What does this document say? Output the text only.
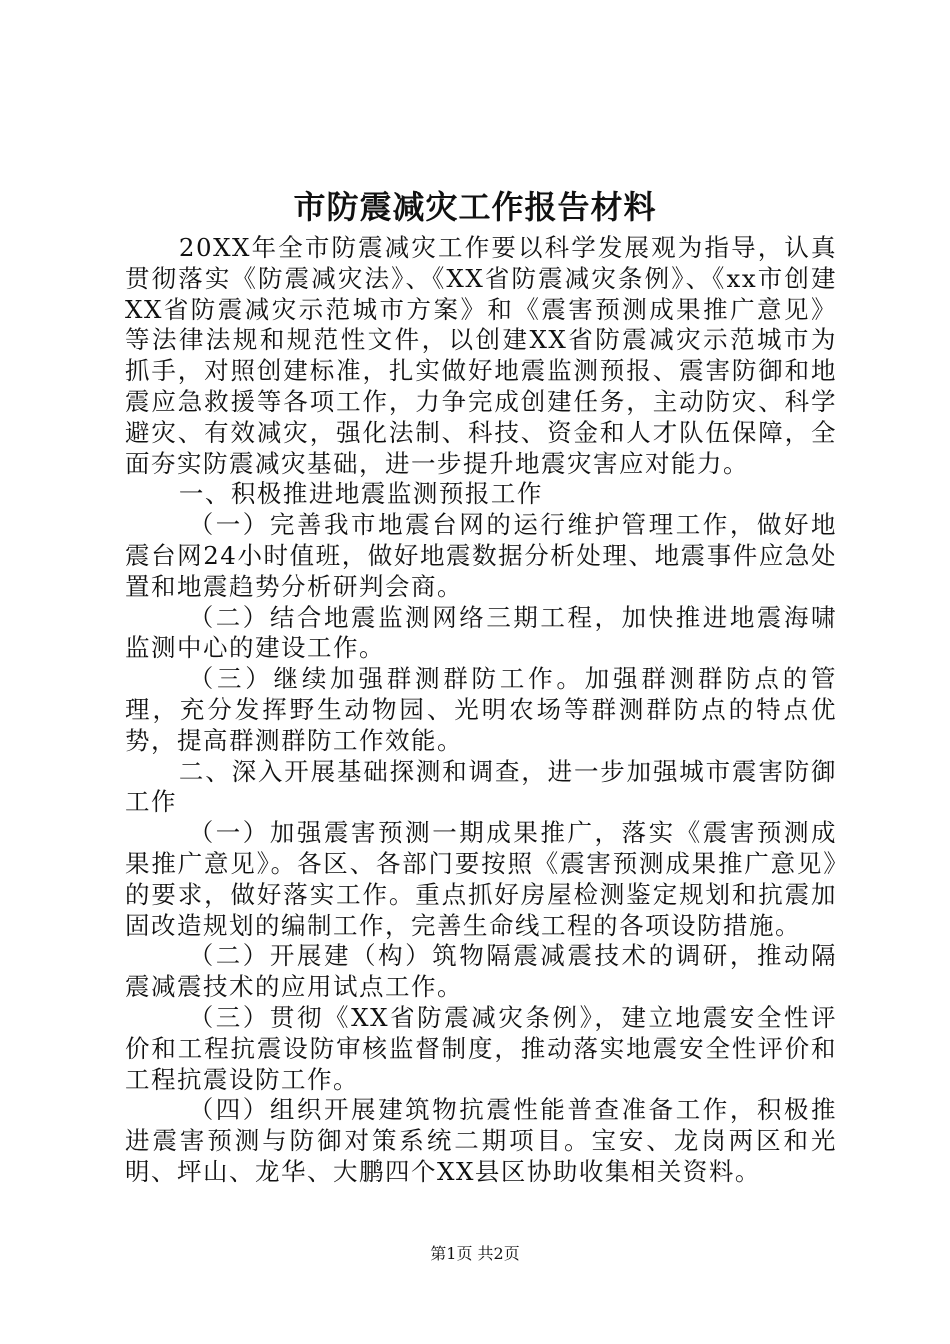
市防震减灾工作报告材料

20XX年全市防震减灾工作要以科学发展观为指导，认真贯彻落实《防震减灾法》、《XX省防震减灾条例》、《xx市创建XX省防震减灾示范城市方案》和《震害预测成果推广意见》等法律法规和规范性文件，以创建XX省防震减灾示范城市为抓手，对照创建标准，扎实做好地震监测预报、震害防御和地震应急救援等各项工作，力争完成创建任务，主动防灾、科学避灾、有效减灾，强化法制、科技、资金和人才队伍保障，全面夯实防震减灾基础，进一步提升地震灾害应对能力。

一、积极推进地震监测预报工作

（一）完善我市地震台网的运行维护管理工作，做好地震台网24小时值班，做好地震数据分析处理、地震事件应急处置和地震趋势分析研判会商。

（二）结合地震监测网络三期工程，加快推进地震海啸监测中心的建设工作。

（三）继续加强群测群防工作。加强群测群防点的管理，充分发挥野生动物园、光明农场等群测群防点的特点优势，提高群测群防工作效能。

二、深入开展基础探测和调查，进一步加强城市震害防御工作

（一）加强震害预测一期成果推广，落实《震害预测成果推广意见》。各区、各部门要按照《震害预测成果推广意见》的要求，做好落实工作。重点抓好房屋检测鉴定规划和抗震加固改造规划的编制工作，完善生命线工程的各项设防措施。

（二）开展建（构）筑物隔震减震技术的调研，推动隔震减震技术的应用试点工作。

（三）贯彻《XX省防震减灾条例》，建立地震安全性评价和工程抗震设防审核监督制度，推动落实地震安全性评价和工程抗震设防工作。

（四）组织开展建筑物抗震性能普查准备工作，积极推进震害预测与防御对策系统二期项目。宝安、龙岗两区和光明、坪山、龙华、大鹏四个XX县区协助收集相关资料。

第1页 共2页
